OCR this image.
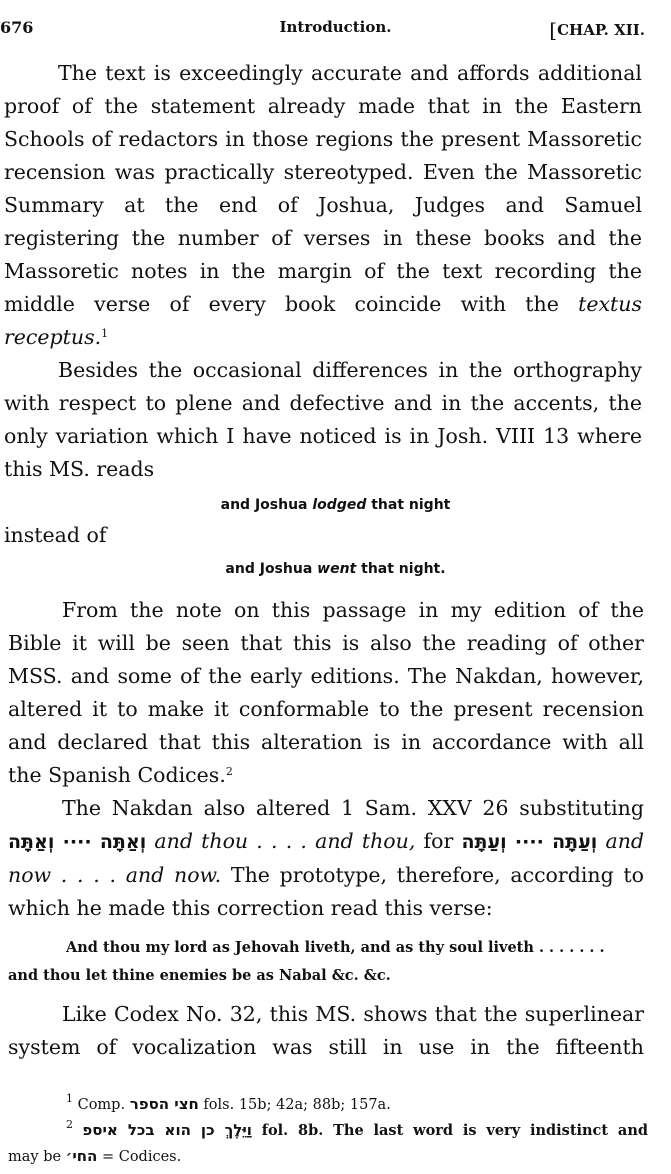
676	Introduction.	[CHAP. XII.
The text is exceedingly accurate and affords additional proof of the statement already made that in the Eastern Schools of redactors in those regions the present Massoretic recension was practically stereotyped. Even the Massoretic Summary at the end of Joshua, Judges and Samuel registering the number of verses in these books and the Massoretic notes in the margin of the text recording the middle verse of every book coincide with the textus receptus.$^1$
Besides the occasional differences in the orthography with respect to plene and defective and in the accents, the only variation which I have noticed is in Josh. VIII 13 where this MS. reads
and Joshua lodged that night
instead of
and Joshua went that night.
From the note on this passage in my edition of the Bible it will be seen that this is also the reading of other MSS. and some of the early editions. The Nakdan, however, altered it to make it conformable to the present recension and declared that this alteration is in accordance with all the Spanish Codices.$^2$
The Nakdan also altered 1 Sam. XXV 26 substituting וְאַתָּה ···· וְאַתָּה and thou . . . . and thou, for וְעַתָּה ···· וְעַתָּה and now . . . . and now. The prototype, therefore, according to which he made this correction read this verse:
And thou my lord as Jehovah liveth, and as thy soul liveth . . . . . . .
and thou let thine enemies be as Nabal &c. &c.
Like Codex No. 32, this MS. shows that the superlinear system of vocalization was still in use in the fifteenth
$^1$ Comp. חצי הספר fols. 15b; 42a; 88b; 157a.
$^2$ וַיֵּלֶךְ כן הוא בכל איספ fol. 8b. The last word is very indistinct and
may be החי׳ = Codices.
